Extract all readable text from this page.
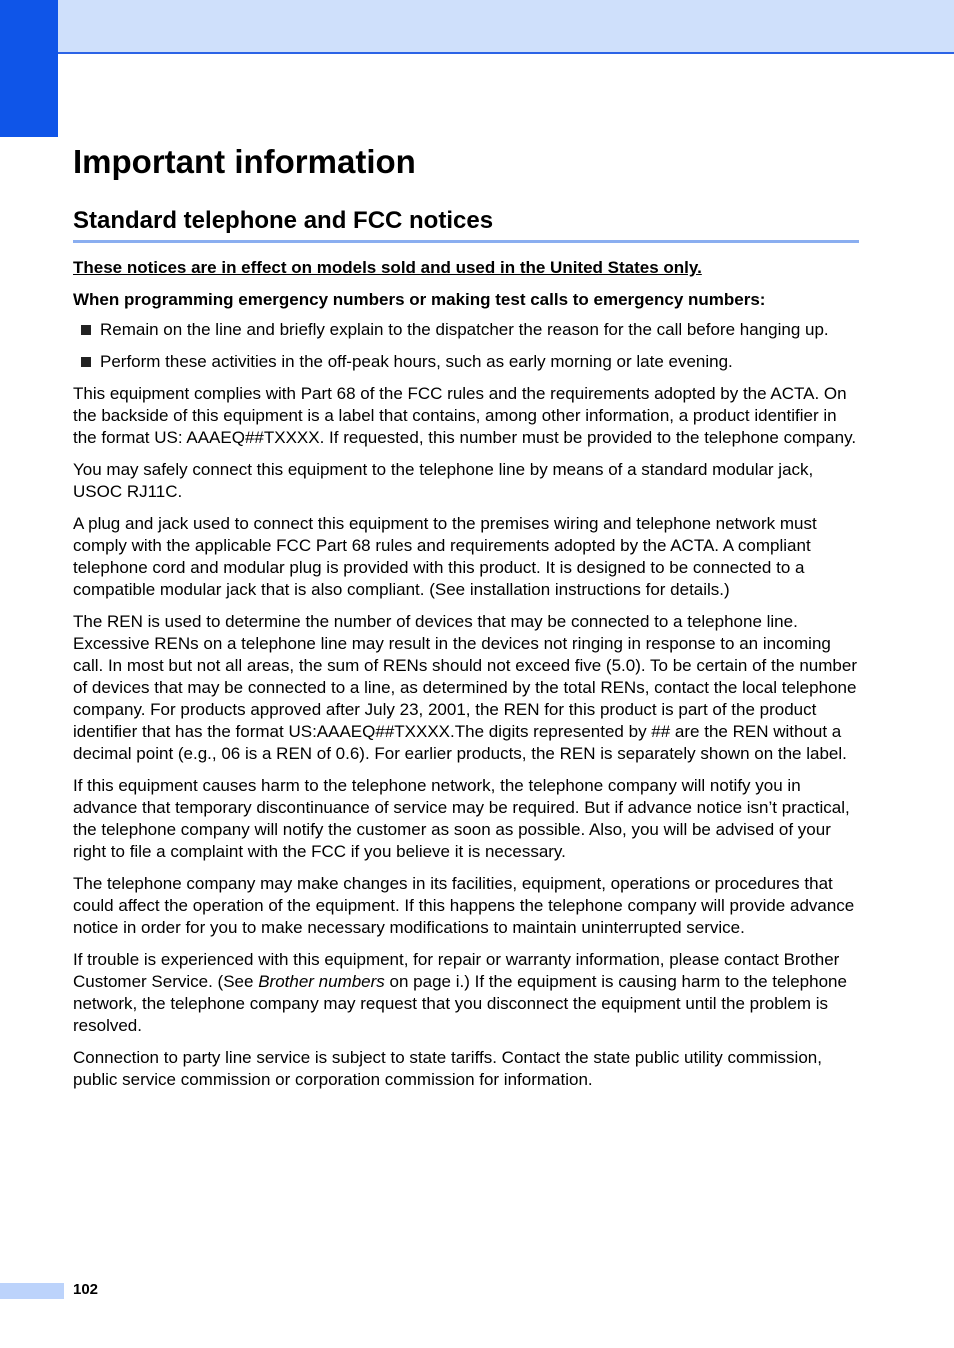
Important information
Standard telephone and FCC notices

These notices are in effect on models sold and used in the United States only.

When programming emergency numbers or making test calls to emergency numbers:

Remain on the line and briefly explain to the dispatcher the reason for the call before hanging up.
Perform these activities in the off-peak hours, such as early morning or late evening.

This equipment complies with Part 68 of the FCC rules and the requirements adopted by the ACTA. On the backside of this equipment is a label that contains, among other information, a product identifier in the format US: AAAEQ##TXXXX. If requested, this number must be provided to the telephone company.

You may safely connect this equipment to the telephone line by means of a standard modular jack, USOC RJ11C.

A plug and jack used to connect this equipment to the premises wiring and telephone network must comply with the applicable FCC Part 68 rules and requirements adopted by the ACTA. A compliant telephone cord and modular plug is provided with this product. It is designed to be connected to a compatible modular jack that is also compliant. (See installation instructions for details.)

The REN is used to determine the number of devices that may be connected to a telephone line. Excessive RENs on a telephone line may result in the devices not ringing in response to an incoming call. In most but not all areas, the sum of RENs should not exceed five (5.0). To be certain of the number of devices that may be connected to a line, as determined by the total RENs, contact the local telephone company. For products approved after July 23, 2001, the REN for this product is part of the product identifier that has the format US:AAAEQ##TXXXX.The digits represented by ## are the REN without a decimal point (e.g., 06 is a REN of 0.6). For earlier products, the REN is separately shown on the label.

If this equipment causes harm to the telephone network, the telephone company will notify you in advance that temporary discontinuance of service may be required. But if advance notice isn’t practical, the telephone company will notify the customer as soon as possible. Also, you will be advised of your right to file a complaint with the FCC if you believe it is necessary.

The telephone company may make changes in its facilities, equipment, operations or procedures that could affect the operation of the equipment. If this happens the telephone company will provide advance notice in order for you to make necessary modifications to maintain uninterrupted service.

If trouble is experienced with this equipment, for repair or warranty information, please contact Brother Customer Service. (See Brother numbers on page i.) If the equipment is causing harm to the telephone network, the telephone company may request that you disconnect the equipment until the problem is resolved.

Connection to party line service is subject to state tariffs. Contact the state public utility commission, public service commission or corporation commission for information.

102
